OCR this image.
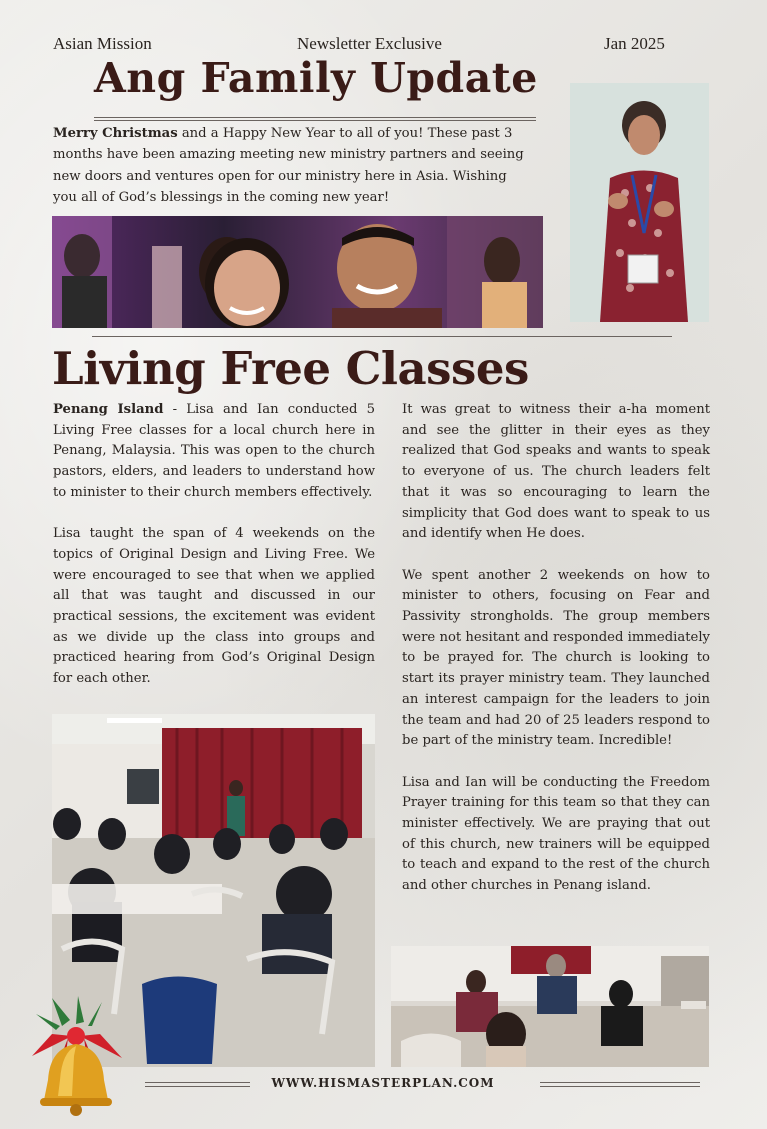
Asian Mission	Newsletter Exclusive	Jan 2025
Ang Family Update
Merry Christmas and a Happy New Year to all of you! These past 3 months have been amazing meeting new ministry partners and seeing new doors and ventures open for our ministry here in Asia. Wishing you all of God’s blessings in the coming new year!
Living Free Classes

Penang Island - Lisa and Ian conducted 5 Living Free classes for a local church here in Penang, Malaysia. This was open to the church pastors, elders, and leaders to understand how to minister to their church members effectively.

Lisa taught the span of 4 weekends on the topics of Original Design and Living Free. We were encouraged to see that when we applied all that was taught and discussed in our practical sessions, the excitement was evident as we divide up the class into groups and practiced hearing from God’s Original Design for each other.

It was great to witness their a-ha moment and see the glitter in their eyes as they realized that God speaks and wants to speak to everyone of us. The church leaders felt that it was so encouraging to learn the simplicity that God does want to speak to us and identify when He does.

We spent another 2 weekends on how to minister to others, focusing on Fear and Passivity strongholds. The group members were not hesitant and responded immediately to be prayed for. The church is looking to start its prayer ministry team. They launched an interest campaign for the leaders to join the team and had 20 of 25 leaders respond to be part of the ministry team. Incredible!

Lisa and Ian will be conducting the Freedom Prayer training for this team so that they can minister effectively. We are praying that out of this church, new trainers will be equipped to teach and expand to the rest of the church and other churches in Penang island.

WWW.HISMASTERPLAN.COM
